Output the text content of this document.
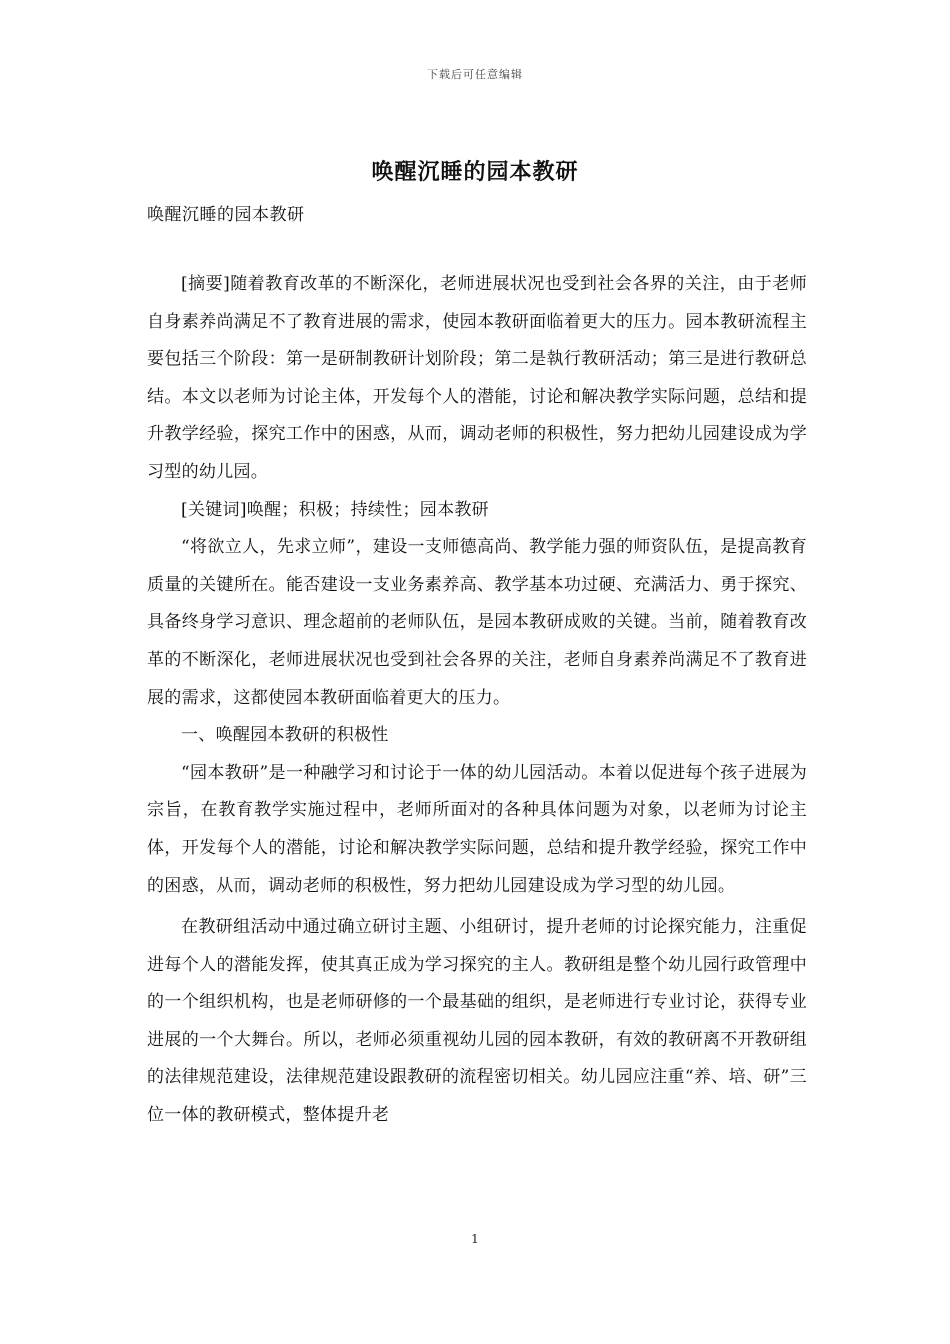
下载后可任意编辑
唤醒沉睡的园本教研
唤醒沉睡的园本教研

[摘要]随着教育改革的不断深化，老师进展状况也受到社会各界的关注，由于老师自身素养尚满足不了教育进展的需求，使园本教研面临着更大的压力。园本教研流程主要包括三个阶段：第一是研制教研计划阶段；第二是執行教研活动；第三是进行教研总结。本文以老师为讨论主体，开发每个人的潜能，讨论和解决教学实际问题，总结和提升教学经验，探究工作中的困惑，从而，调动老师的积极性，努力把幼儿园建设成为学习型的幼儿园。

[关键词]唤醒；积极；持续性；园本教研

“将欲立人，先求立师”，建设一支师德高尚、教学能力强的师资队伍，是提高教育质量的关键所在。能否建设一支业务素养高、教学基本功过硬、充满活力、勇于探究、具备终身学习意识、理念超前的老师队伍，是园本教研成败的关键。当前，随着教育改革的不断深化，老师进展状况也受到社会各界的关注，老师自身素养尚满足不了教育进展的需求，这都使园本教研面临着更大的压力。

一、唤醒园本教研的积极性

“园本教研”是一种融学习和讨论于一体的幼儿园活动。本着以促进每个孩子进展为宗旨，在教育教学实施过程中，老师所面对的各种具体问题为对象，以老师为讨论主体，开发每个人的潜能，讨论和解决教学实际问题，总结和提升教学经验，探究工作中的困惑，从而，调动老师的积极性，努力把幼儿园建设成为学习型的幼儿园。

在教研组活动中通过确立研讨主题、小组研讨，提升老师的讨论探究能力，注重促进每个人的潜能发挥，使其真正成为学习探究的主人。教研组是整个幼儿园行政管理中的一个组织机构，也是老师研修的一个最基础的组织，是老师进行专业讨论，获得专业进展的一个大舞台。所以，老师必须重视幼儿园的园本教研，有效的教研离不开教研组的法律规范建设，法律规范建设跟教研的流程密切相关。幼儿园应注重“养、培、研”三位一体的教研模式，整体提升老

1
